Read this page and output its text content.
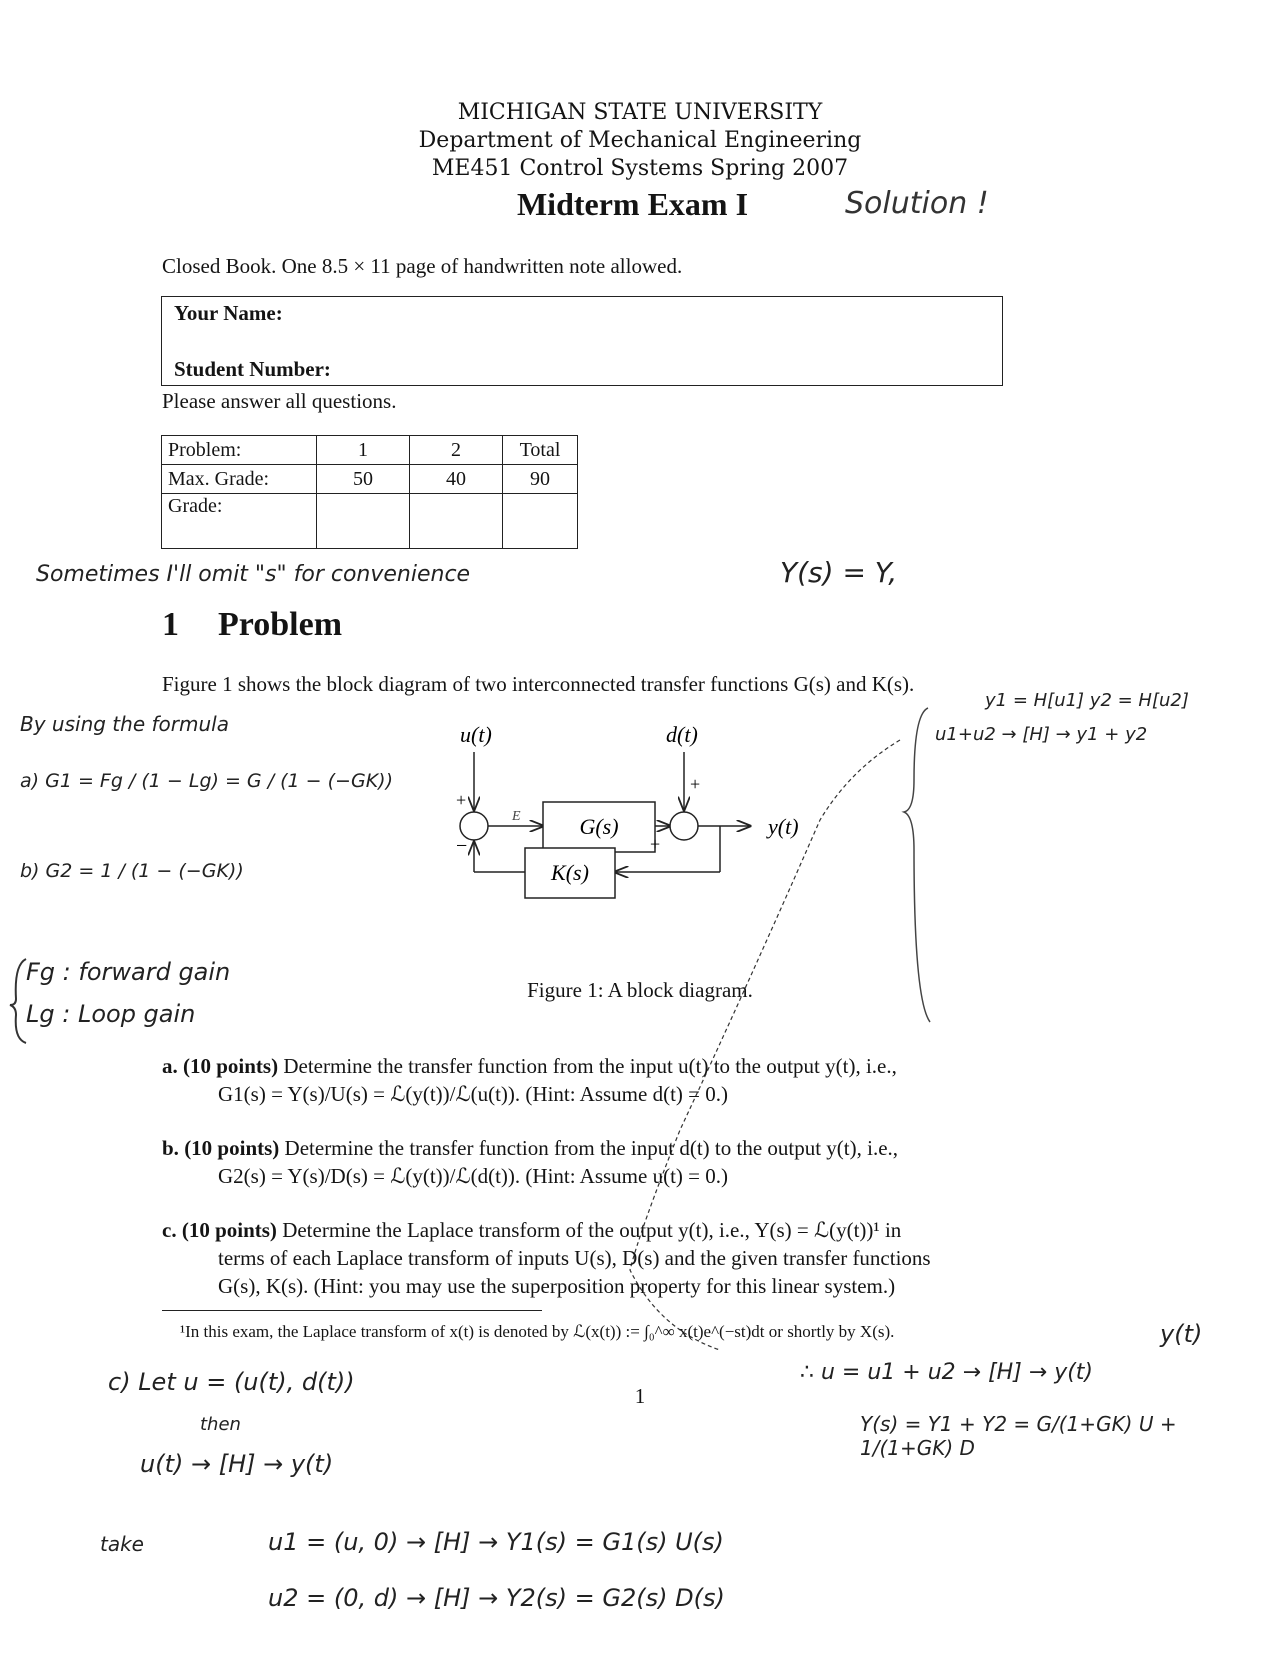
MICHIGAN STATE UNIVERSITY
Department of Mechanical Engineering
ME451 Control Systems Spring 2007
Midterm Exam I	Solution !
Closed Book. One 8.5 × 11 page of handwritten note allowed.
Your Name:
Student Number:
Please answer all questions.
Problem:	1	2	Total
Max. Grade:	50	40	90
Grade:			
Sometimes I'll omit "s" for convenience	Y(s) = Y,
1 Problem
Figure 1 shows the block diagram of two interconnected transfer functions G(s) and K(s).
By using the formula
a) G1 = Fg / (1 − Lg) = G / (1 − (−GK))
b) G2 = 1 / (1 − (−GK))
Fg : forward gain
Lg : Loop gain
y1 = H[u1] y2 = H[u2]
u1+u2 → [H] → y1 + y2
u(t)
+
−
E	G(s)
d(t)
+
+
y(t)
K(s)
Figure 1: A block diagram.
a. (10 points) Determine the transfer function from the input u(t) to the output y(t), i.e.,
G1(s) = Y(s)/U(s) = ℒ(y(t))/ℒ(u(t)). (Hint: Assume d(t) = 0.)
b. (10 points) Determine the transfer function from the input d(t) to the output y(t), i.e.,
G2(s) = Y(s)/D(s) = ℒ(y(t))/ℒ(d(t)). (Hint: Assume u(t) = 0.)
c. (10 points) Determine the Laplace transform of the output y(t), i.e., Y(s) = ℒ(y(t))¹ in
terms of each Laplace transform of inputs U(s), D(s) and the given transfer functions
G(s), K(s). (Hint: you may use the superposition property for this linear system.)
¹In this exam, the Laplace transform of x(t) is denoted by ℒ(x(t)) := ∫₀^∞ x(t)e^(−st)dt or shortly by X(s).	y(t)
1
c) Let u = (u(t), d(t))
then
u(t) → [H] → y(t)
take	u1 = (u, 0) → [H] → Y1(s) = G1(s) U(s)
u2 = (0, d) → [H] → Y2(s) = G2(s) D(s)
∴ u = u1 + u2 → [H] → y(t)
Y(s) = Y1 + Y2 = G/(1+GK) U + 1/(1+GK) D
